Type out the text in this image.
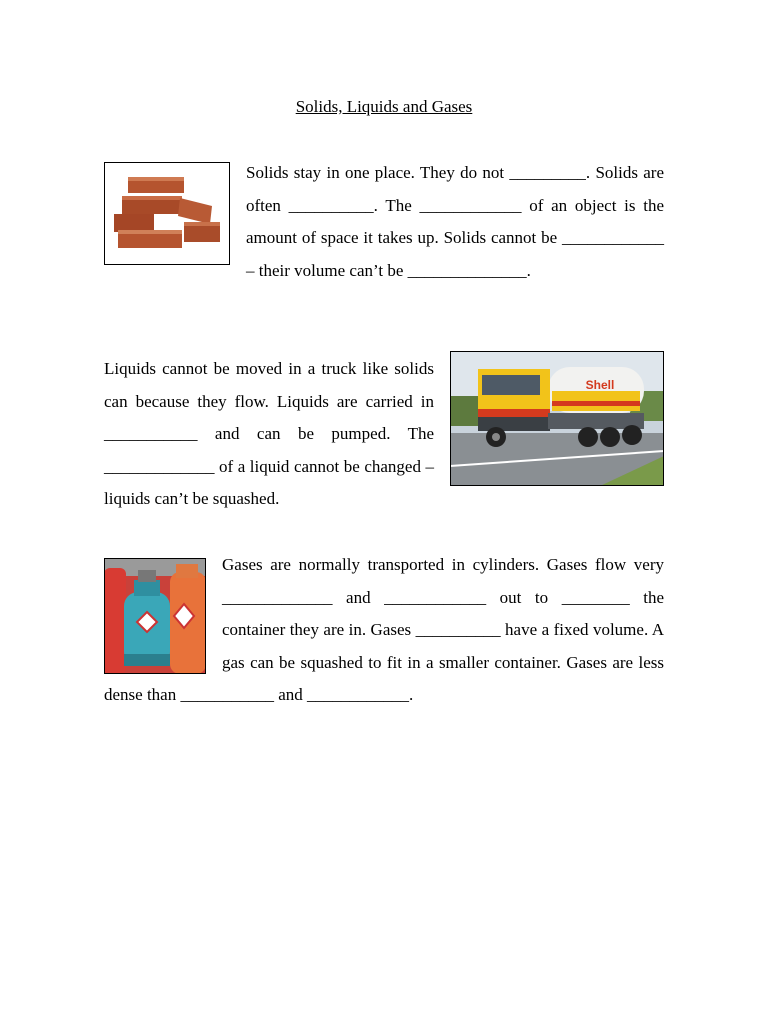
Solids, Liquids and Gases

Solids stay in one place. They do not _________. Solids are often __________. The ____________ of an object is the amount of space it takes up. Solids cannot be ____________ – their volume can’t be ______________.

Shell
Liquids cannot be moved in a truck like solids can because they flow. Liquids are carried in ___________ and can be pumped. The _____________ of a liquid cannot be changed – liquids can’t be squashed.

Gases are normally transported in cylinders. Gases flow very _____________ and ____________ out to ________ the container they are in. Gases __________ have a fixed volume. A gas can be squashed to fit in a smaller container. Gases are less dense than ___________ and ____________.
